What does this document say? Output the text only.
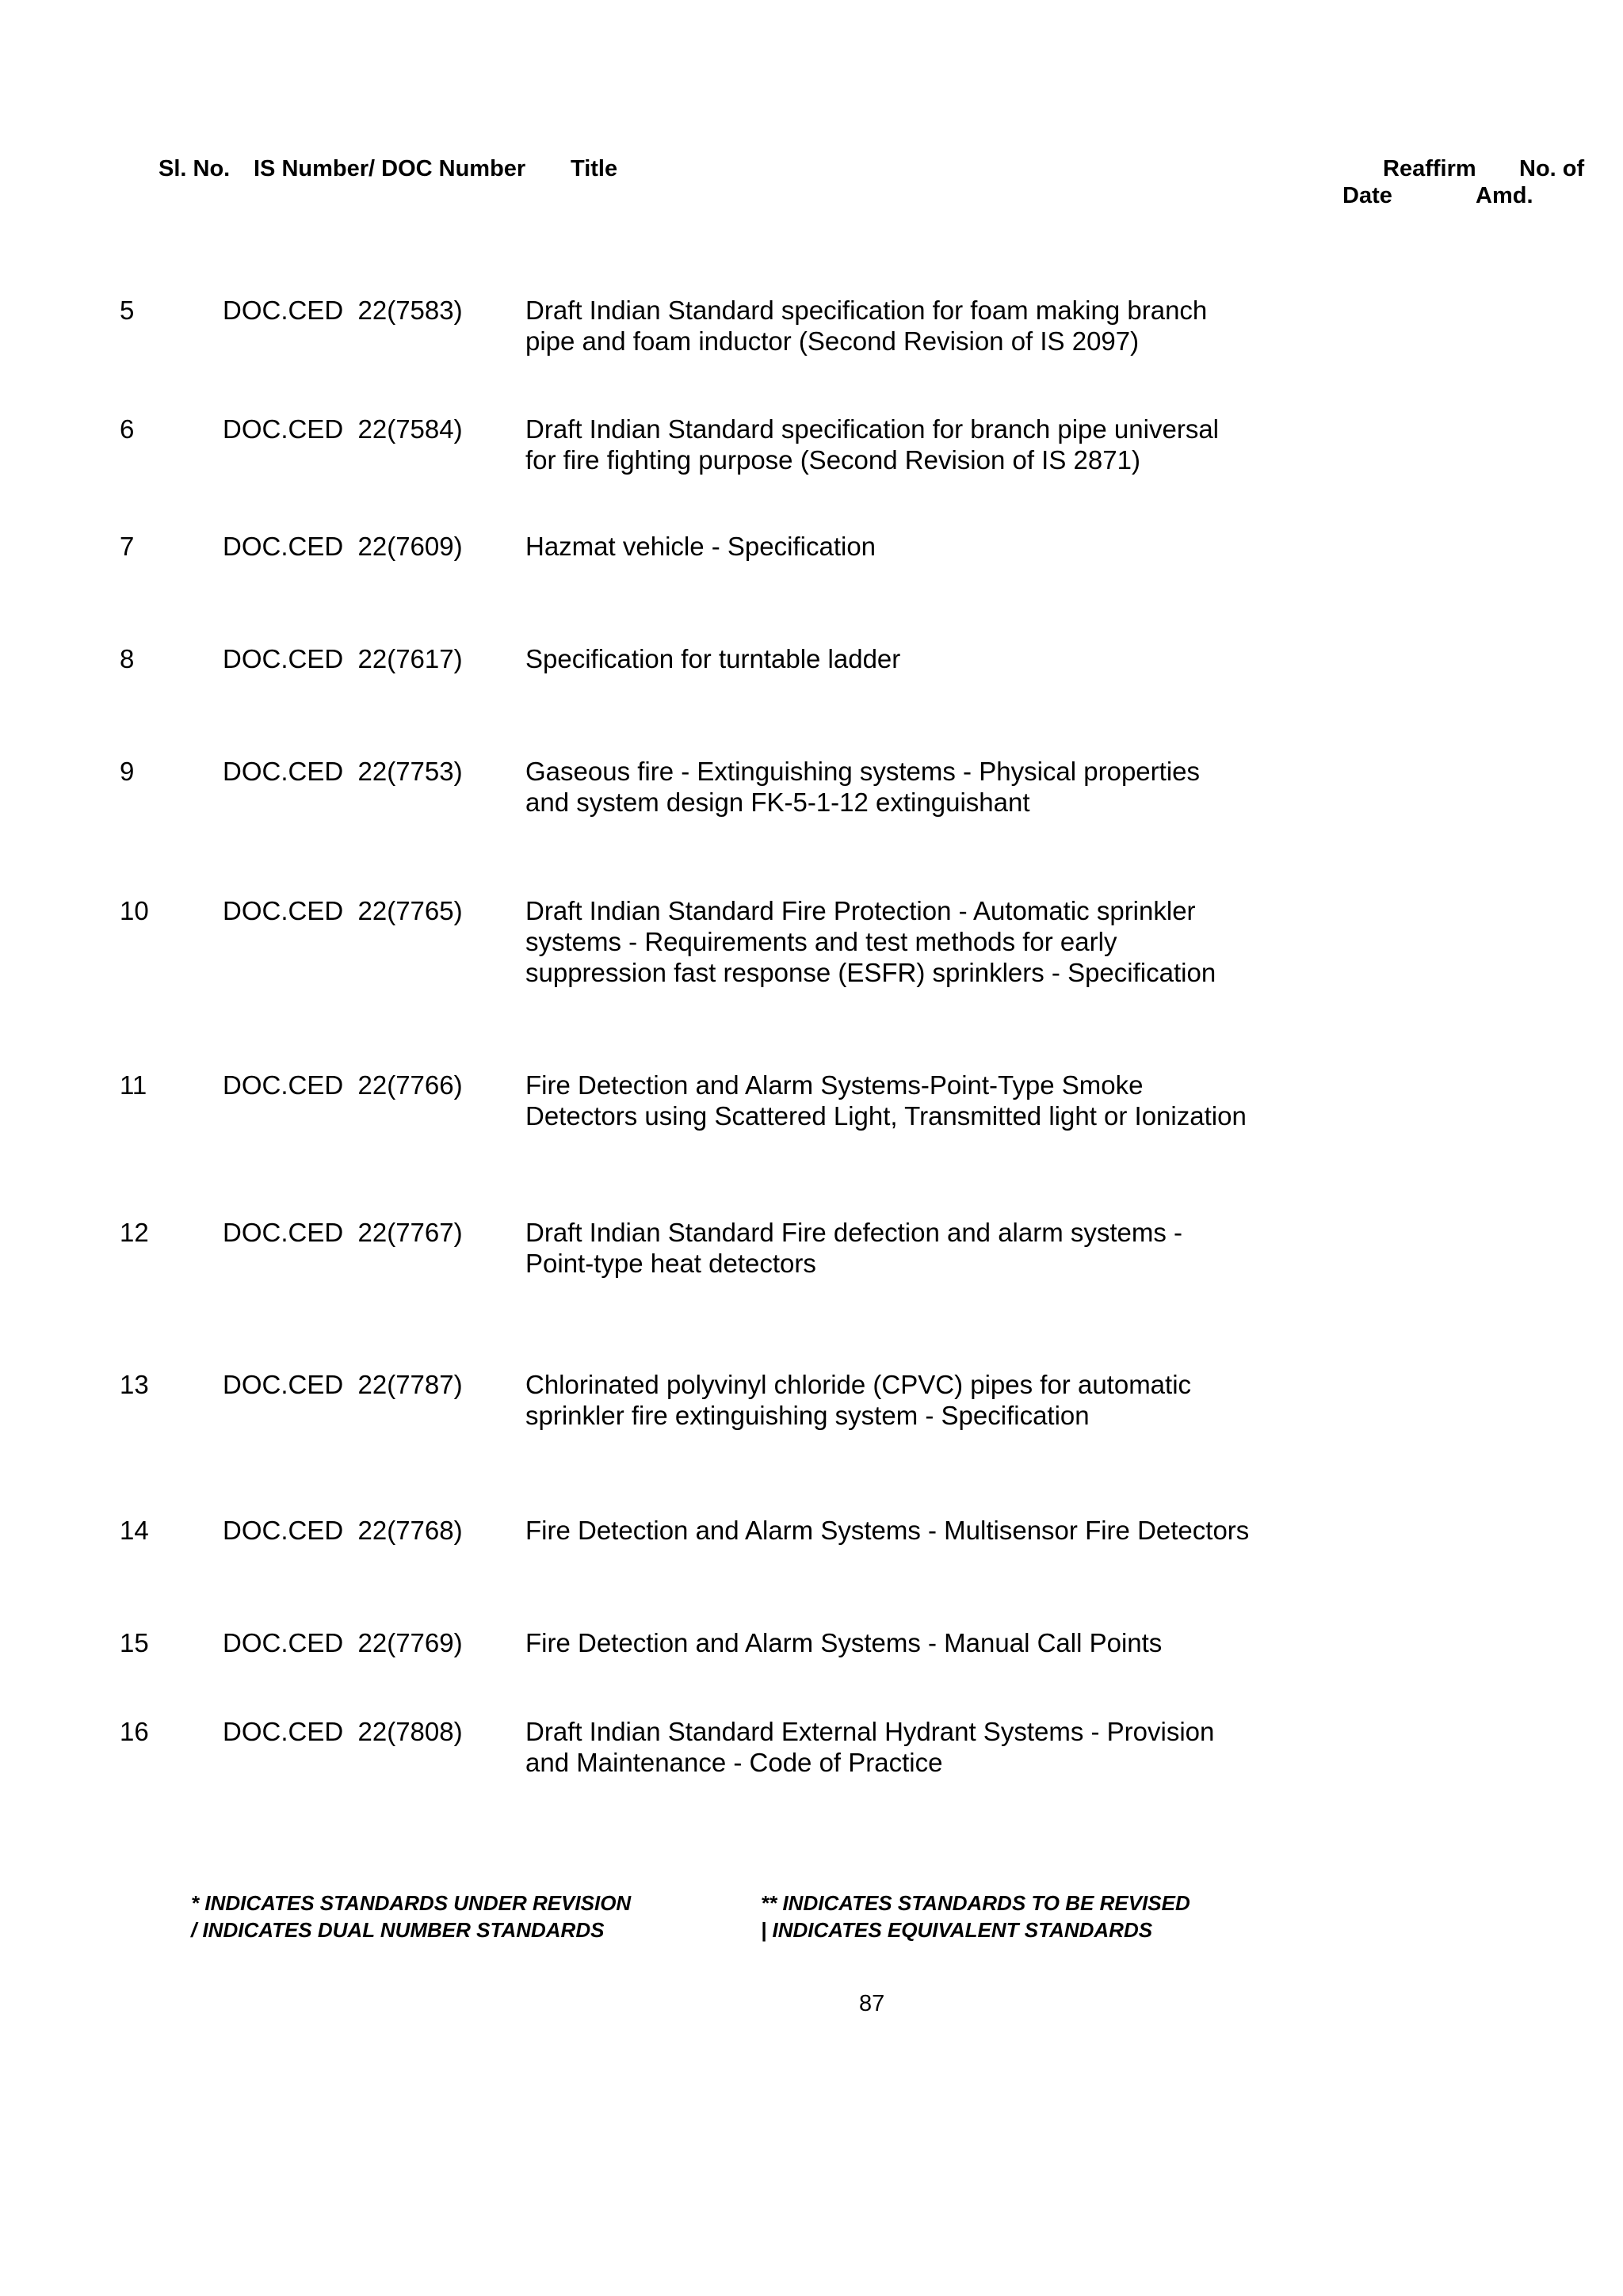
Sl. No. IS Number/ DOC Number Title	Reaffirm No. of
Date	Amd.
5	DOC.CED  22(7583) Draft Indian Standard specification for foam making branch
pipe and foam inductor (Second Revision of IS 2097)
6	DOC.CED  22(7584) Draft Indian Standard specification for branch pipe universal
for fire fighting purpose (Second Revision of IS 2871)
7	DOC.CED  22(7609) Hazmat vehicle - Specification
8	DOC.CED  22(7617) Specification for turntable ladder
9	DOC.CED  22(7753) Gaseous fire - Extinguishing systems - Physical properties
and system design FK-5-1-12 extinguishant
10	DOC.CED  22(7765) Draft Indian Standard Fire Protection - Automatic sprinkler
systems - Requirements and test methods for early
suppression fast response (ESFR) sprinklers - Specification
11	DOC.CED  22(7766) Fire Detection and Alarm Systems-Point-Type Smoke
Detectors using Scattered Light, Transmitted light or Ionization
12	DOC.CED  22(7767) Draft Indian Standard Fire defection and alarm systems -
Point-type heat detectors
13	DOC.CED  22(7787) Chlorinated polyvinyl chloride (CPVC) pipes for automatic
sprinkler fire extinguishing system - Specification
14	DOC.CED  22(7768) Fire Detection and Alarm Systems - Multisensor Fire Detectors
15	DOC.CED  22(7769) Fire Detection and Alarm Systems - Manual Call Points
16	DOC.CED  22(7808) Draft Indian Standard External Hydrant Systems - Provision
and Maintenance - Code of Practice
* INDICATES STANDARDS UNDER REVISION
/ INDICATES DUAL NUMBER STANDARDS
** INDICATES STANDARDS TO BE REVISED
| INDICATES EQUIVALENT STANDARDS
87
